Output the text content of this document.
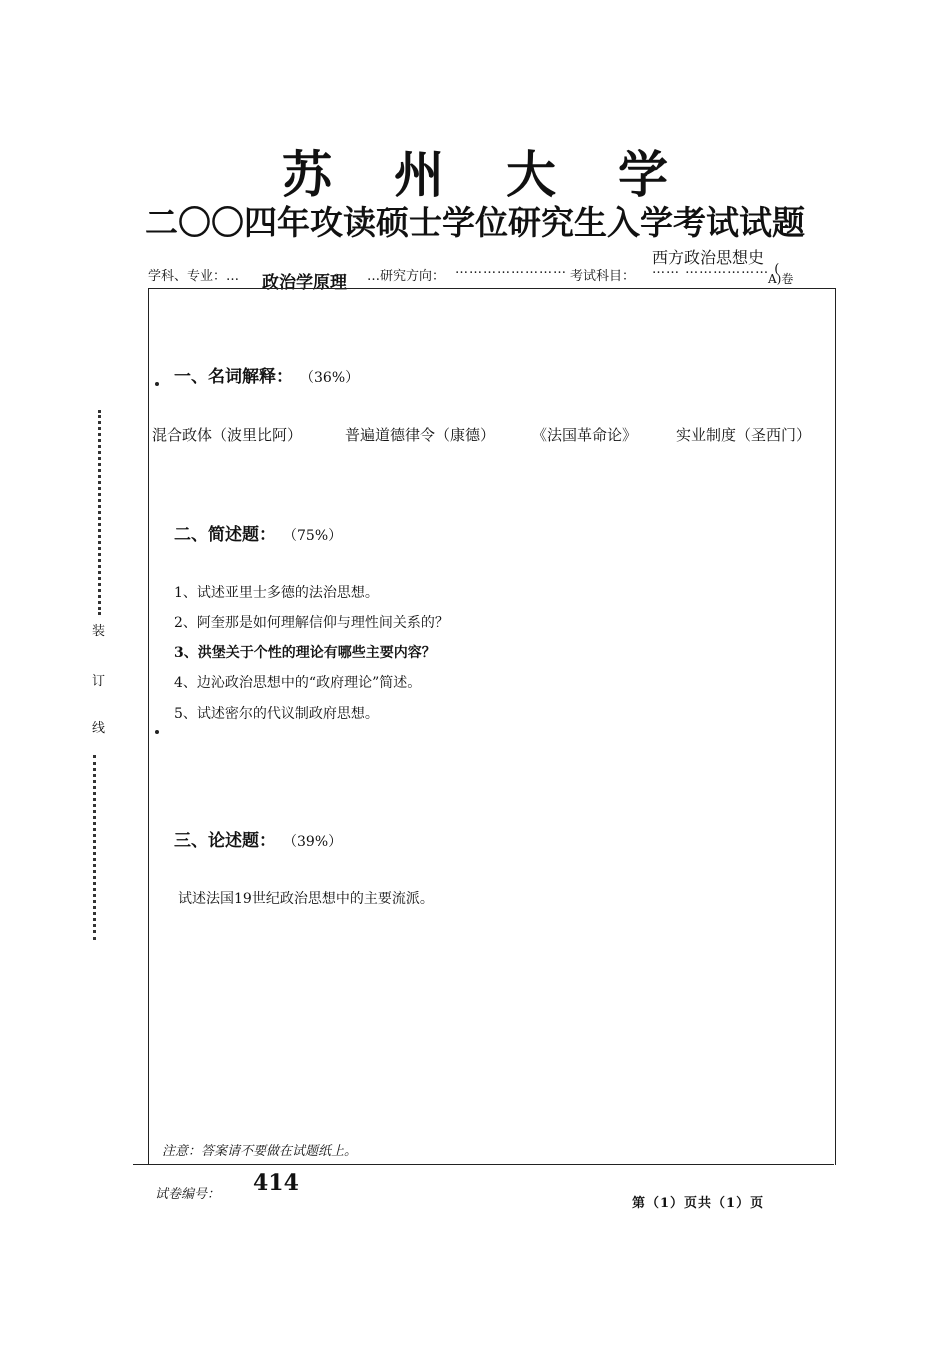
苏州大学
二〇〇四年攻读硕士学位研究生入学考试试题
学科、专业：… 政治学原理 …研究方向： …………………… 考试科目：
西方政治思想史
…… ……………… (
A)卷
一、名词解释： （36%）
混合政体（波里比阿）	普遍道德律令（康德） 《法国革命论》	实业制度（圣西门）
二、简述题： （75%）
1、试述亚里士多德的法治思想。
2、阿奎那是如何理解信仰与理性间关系的？
3、洪堡关于个性的理论有哪些主要内容？
4、边沁政治思想中的“政府理论”简述。
5、试述密尔的代议制政府思想。
三、论述题： （39%）
试述法国19世纪政治思想中的主要流派。
注意：答案请不要做在试题纸上。
试卷编号： 414
第（1）页共（1）页
装
订
线
